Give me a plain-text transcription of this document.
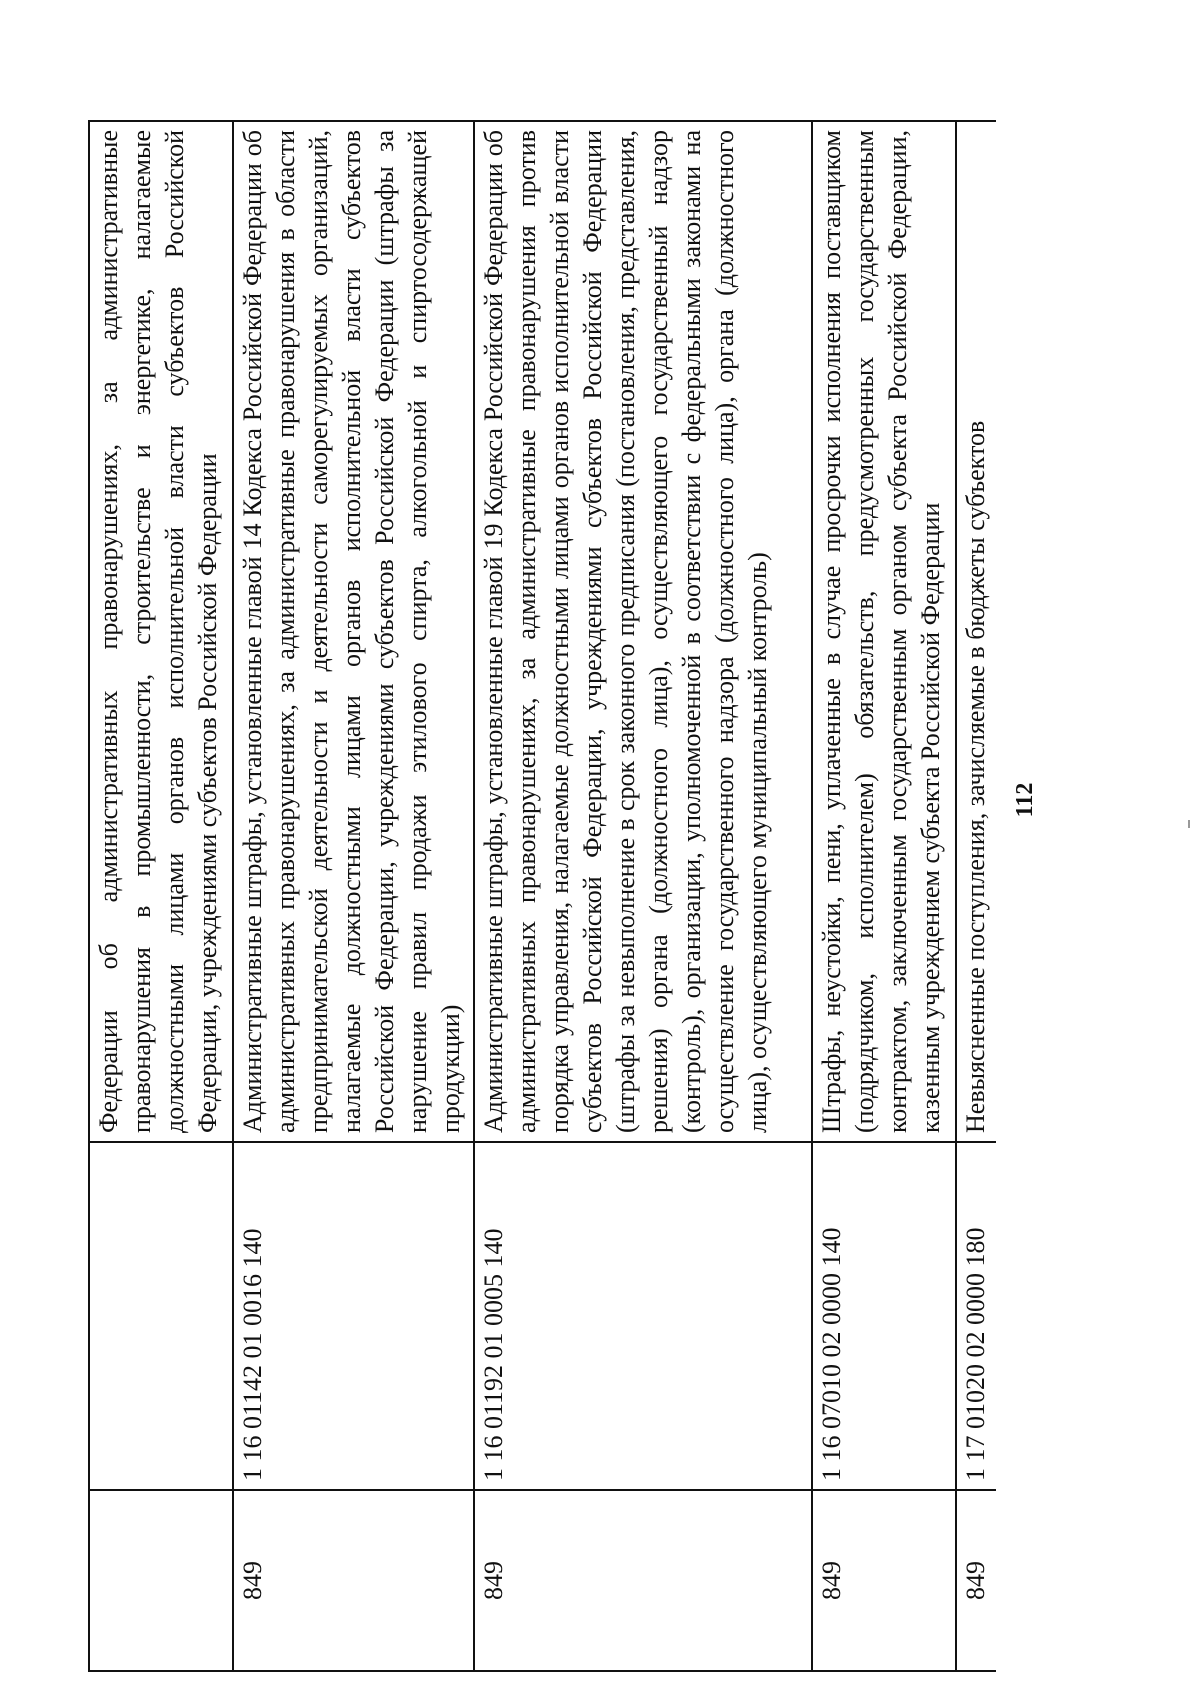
		Федерации об административных правонарушениях, за административные правонарушения в промышленности, строительстве и энергетике, налагаемые должностными лицами органов исполнительной власти субъектов Российской Федерации, учреждениями субъектов Российской Федерации
849	1 16 01142 01 0016 140	Административные штрафы, установленные главой 14 Кодекса Российской Федерации об административных правонарушениях, за административные правонарушения в области предпринимательской деятельности и деятельности саморегулируемых организаций, налагаемые должностными лицами органов исполнительной власти субъектов Российской Федерации, учреждениями субъектов Российской Федерации (штрафы за нарушение правил продажи этилового спирта, алкогольной и спиртосодержащей продукции)
849	1 16 01192 01 0005 140	Административные штрафы, установленные главой 19 Кодекса Российской Федерации об административных правонарушениях, за административные правонарушения против порядка управления, налагаемые должностными лицами органов исполнительной власти субъектов Российской Федерации, учреждениями субъектов Российской Федерации (штрафы за невыполнение в срок законного предписания (постановления, представления, решения) органа (должностного лица), осуществляющего государственный надзор (контроль), организации, уполномоченной в соответствии с федеральными законами на осуществление государственного надзора (должностного лица), органа (должностного лица), осуществляющего муниципальный контроль)
849	1 16 07010 02 0000 140	Штрафы, неустойки, пени, уплаченные в случае просрочки исполнения поставщиком (подрядчиком, исполнителем) обязательств, предусмотренных государственным контрактом, заключенным государственным органом субъекта Российской Федерации, казенным учреждением субъекта Российской Федерации
849	1 17 01020 02 0000 180	Невыясненные поступления, зачисляемые в бюджеты субъектов 112
